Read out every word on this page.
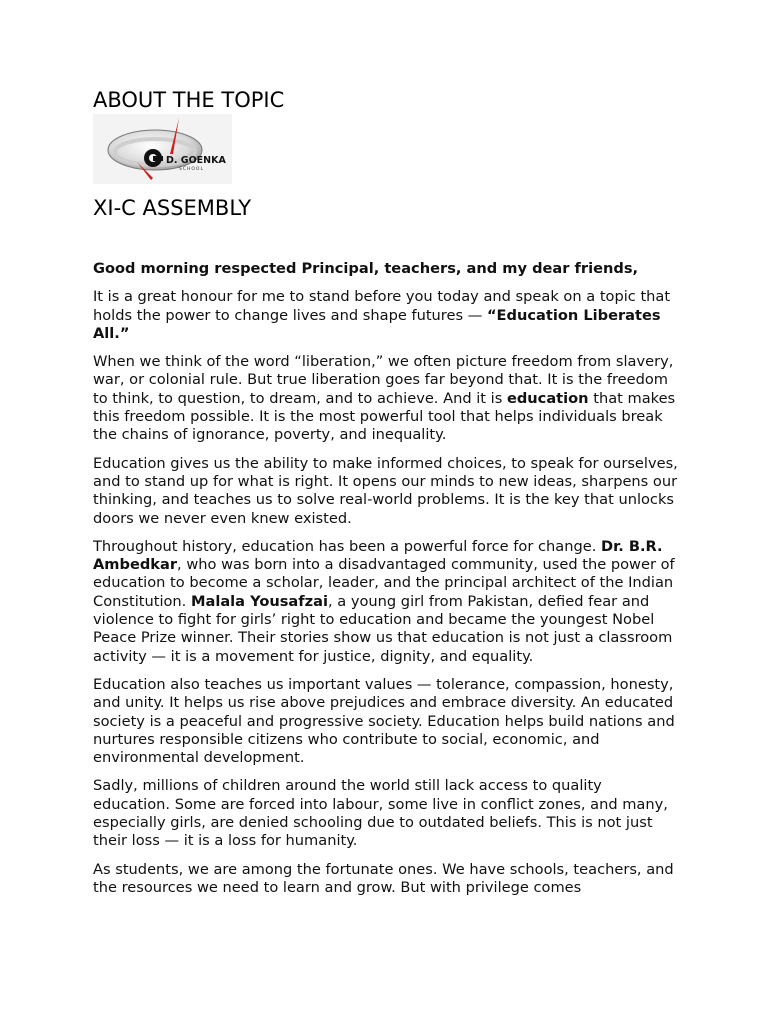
ABOUT THE TOPIC
D. GOENKA
SCHOOL
XI-C ASSEMBLY

Good morning respected Principal, teachers, and my dear friends,

It is a great honour for me to stand before you today and speak on a topic that holds the power to change lives and shape futures — “Education Liberates All.”

When we think of the word “liberation,” we often picture freedom from slavery, war, or colonial rule. But true liberation goes far beyond that. It is the freedom to think, to question, to dream, and to achieve. And it is education that makes this freedom possible. It is the most powerful tool that helps individuals break the chains of ignorance, poverty, and inequality.

Education gives us the ability to make informed choices, to speak for ourselves, and to stand up for what is right. It opens our minds to new ideas, sharpens our thinking, and teaches us to solve real-world problems. It is the key that unlocks doors we never even knew existed.

Throughout history, education has been a powerful force for change. Dr. B.R. Ambedkar, who was born into a disadvantaged community, used the power of education to become a scholar, leader, and the principal architect of the Indian Constitution. Malala Yousafzai, a young girl from Pakistan, defied fear and violence to fight for girls’ right to education and became the youngest Nobel Peace Prize winner. Their stories show us that education is not just a classroom activity — it is a movement for justice, dignity, and equality.

Education also teaches us important values — tolerance, compassion, honesty, and unity. It helps us rise above prejudices and embrace diversity. An educated society is a peaceful and progressive society. Education helps build nations and nurtures responsible citizens who contribute to social, economic, and environmental development.

Sadly, millions of children around the world still lack access to quality education. Some are forced into labour, some live in conflict zones, and many, especially girls, are denied schooling due to outdated beliefs. This is not just their loss — it is a loss for humanity.

As students, we are among the fortunate ones. We have schools, teachers, and the resources we need to learn and grow. But with privilege comes
